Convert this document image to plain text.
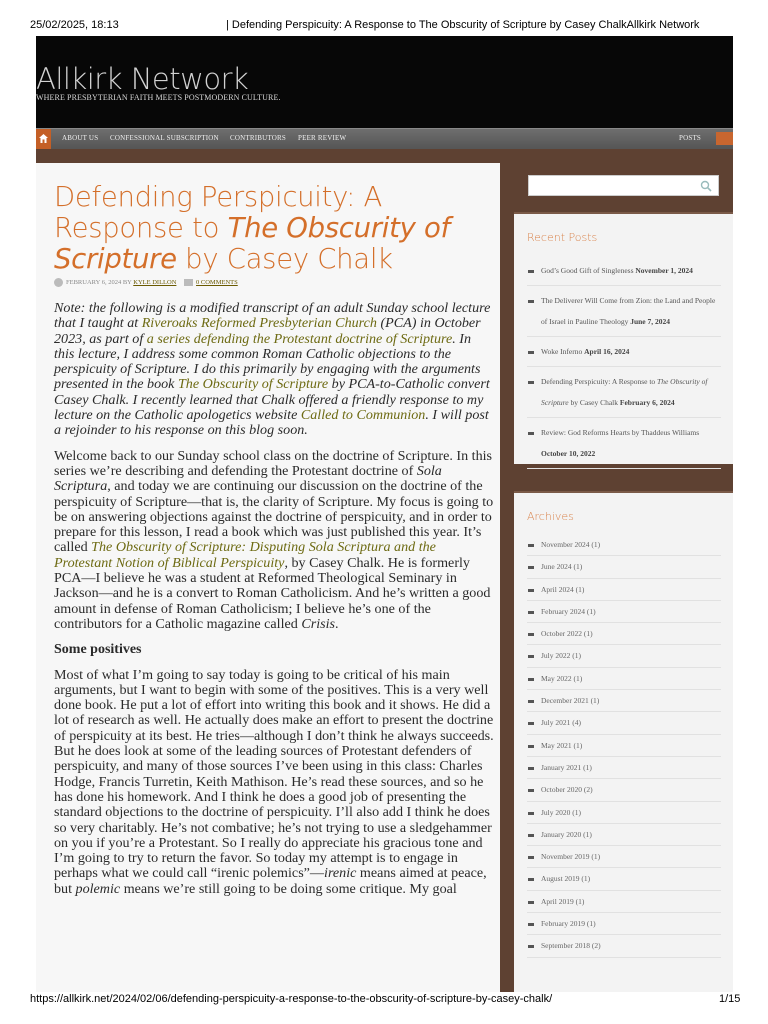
25/02/2025, 18:13	| Defending Perspicuity: A Response to The Obscurity of Scripture by Casey ChalkAllkirk Network
Allkirk Network
WHERE PRESBYTERIAN FAITH MEETS POSTMODERN CULTURE.
ABOUT US CONFESSIONAL SUBSCRIPTION CONTRIBUTORS PEER REVIEW	POSTS
Defending Perspicuity: A Response to The Obscurity of Scripture by Casey Chalk
FEBRUARY 6, 2024 BY KYLE DILLON	0 COMMENTS

Note: the following is a modified transcript of an adult Sunday school lecture that I taught at Riveroaks Reformed Presbyterian Church (PCA) in October 2023, as part of a series defending the Protestant doctrine of Scripture. In this lecture, I address some common Roman Catholic objections to the perspicuity of Scripture. I do this primarily by engaging with the arguments presented in the book The Obscurity of Scripture by PCA-to-Catholic convert Casey Chalk. I recently learned that Chalk offered a friendly response to my lecture on the Catholic apologetics website Called to Communion. I will post a rejoinder to his response on this blog soon.

Welcome back to our Sunday school class on the doctrine of Scripture. In this series we’re describing and defending the Protestant doctrine of Sola Scriptura, and today we are continuing our discussion on the doctrine of the perspicuity of Scripture—that is, the clarity of Scripture. My focus is going to be on answering objections against the doctrine of perspicuity, and in order to prepare for this lesson, I read a book which was just published this year. It’s called The Obscurity of Scripture: Disputing Sola Scriptura and the Protestant Notion of Biblical Perspicuity, by Casey Chalk. He is formerly PCA—I believe he was a student at Reformed Theological Seminary in Jackson—and he is a convert to Roman Catholicism. And he’s written a good amount in defense of Roman Catholicism; I believe he’s one of the contributors for a Catholic magazine called Crisis.

Some positives

Most of what I’m going to say today is going to be critical of his main arguments, but I want to begin with some of the positives. This is a very well done book. He put a lot of effort into writing this book and it shows. He did a lot of research as well. He actually does make an effort to present the doctrine of perspicuity at its best. He tries—although I don’t think he always succeeds. But he does look at some of the leading sources of Protestant defenders of perspicuity, and many of those sources I’ve been using in this class: Charles Hodge, Francis Turretin, Keith Mathison. He’s read these sources, and so he has done his homework. And I think he does a good job of presenting the standard objections to the doctrine of perspicuity. I’ll also add I think he does so very charitably. He’s not combative; he’s not trying to use a sledgehammer on you if you’re a Protestant. So I really do appreciate his gracious tone and I’m going to try to return the favor. So today my attempt is to engage in perhaps what we could call “irenic polemics”—irenic means aimed at peace, but polemic means we’re still going to be doing some critique. My goal

Recent Posts
God’s Good Gift of Singleness November 1, 2024
The Deliverer Will Come from Zion: the Land and People of Israel in Pauline Theology June 7, 2024
Woke Inferno April 16, 2024
Defending Perspicuity: A Response to The Obscurity of Scripture by Casey Chalk February 6, 2024
Review: God Reforms Hearts by Thaddeus Williams October 10, 2022
Archives
November 2024 (1)
June 2024 (1)
April 2024 (1)
February 2024 (1)
October 2022 (1)
July 2022 (1)
May 2022 (1)
December 2021 (1)
July 2021 (4)
May 2021 (1)
January 2021 (1)
October 2020 (2)
July 2020 (1)
January 2020 (1)
November 2019 (1)
August 2019 (1)
April 2019 (1)
February 2019 (1)
September 2018 (2)
https://allkirk.net/2024/02/06/defending-perspicuity-a-response-to-the-obscurity-of-scripture-by-casey-chalk/	1/15
